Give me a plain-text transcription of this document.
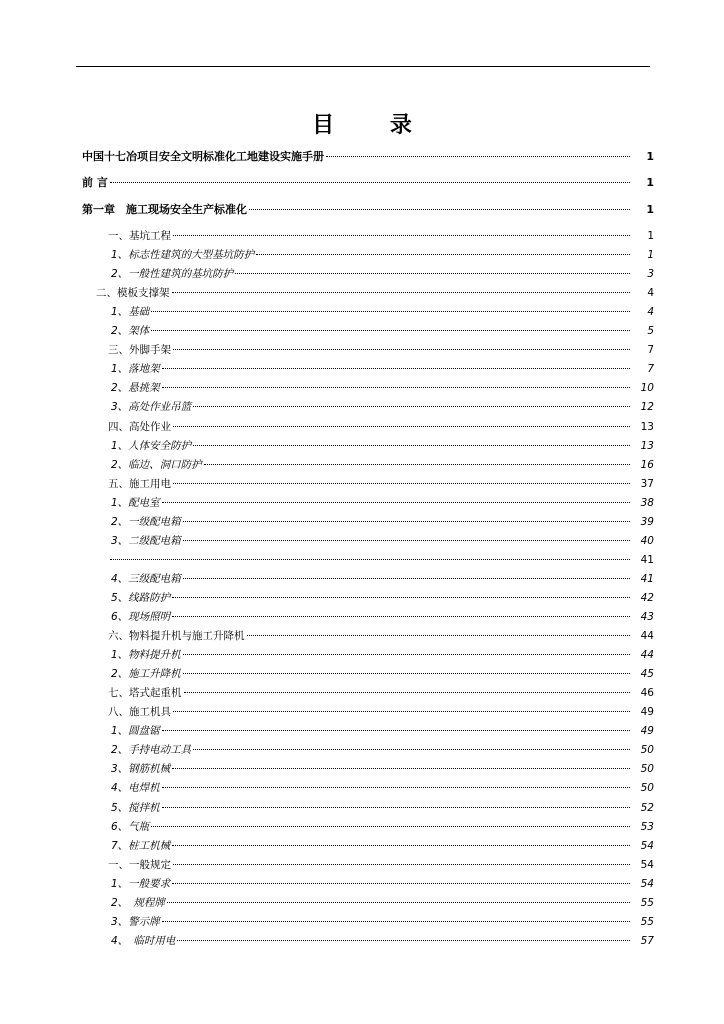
目 录
中国十七冶项目安全文明标准化工地建设实施手册	1
前 言	1
第一章　施工现场安全生产标准化	1
一、基坑工程	1
1、标志性建筑的大型基坑防护	1
2、一般性建筑的基坑防护	3
二、模板支撑架	4
1、基础	4
2、架体	5
三、外脚手架	7
1、落地架	7
2、悬挑架	10
3、高处作业吊篮	12
四、高处作业	13
1、人体安全防护	13
2、临边、洞口防护	16
五、施工用电	37
1、配电室	38
2、一级配电箱	39
3、二级配电箱	40
41
4、三级配电箱	41
5、线路防护	42
6、现场照明	43
六、物料提升机与施工升降机	44
1、物料提升机	44
2、施工升降机	45
七、塔式起重机	46
八、施工机具	49
1、圆盘锯	49
2、手持电动工具	50
3、钢筋机械	50
4、电焊机	50
5、搅拌机	52
6、气瓶	53
7、桩工机械	54
一、一般规定	54
1、一般要求	54
2、　规程牌	55
3、警示牌	55
4、　临时用电	57
